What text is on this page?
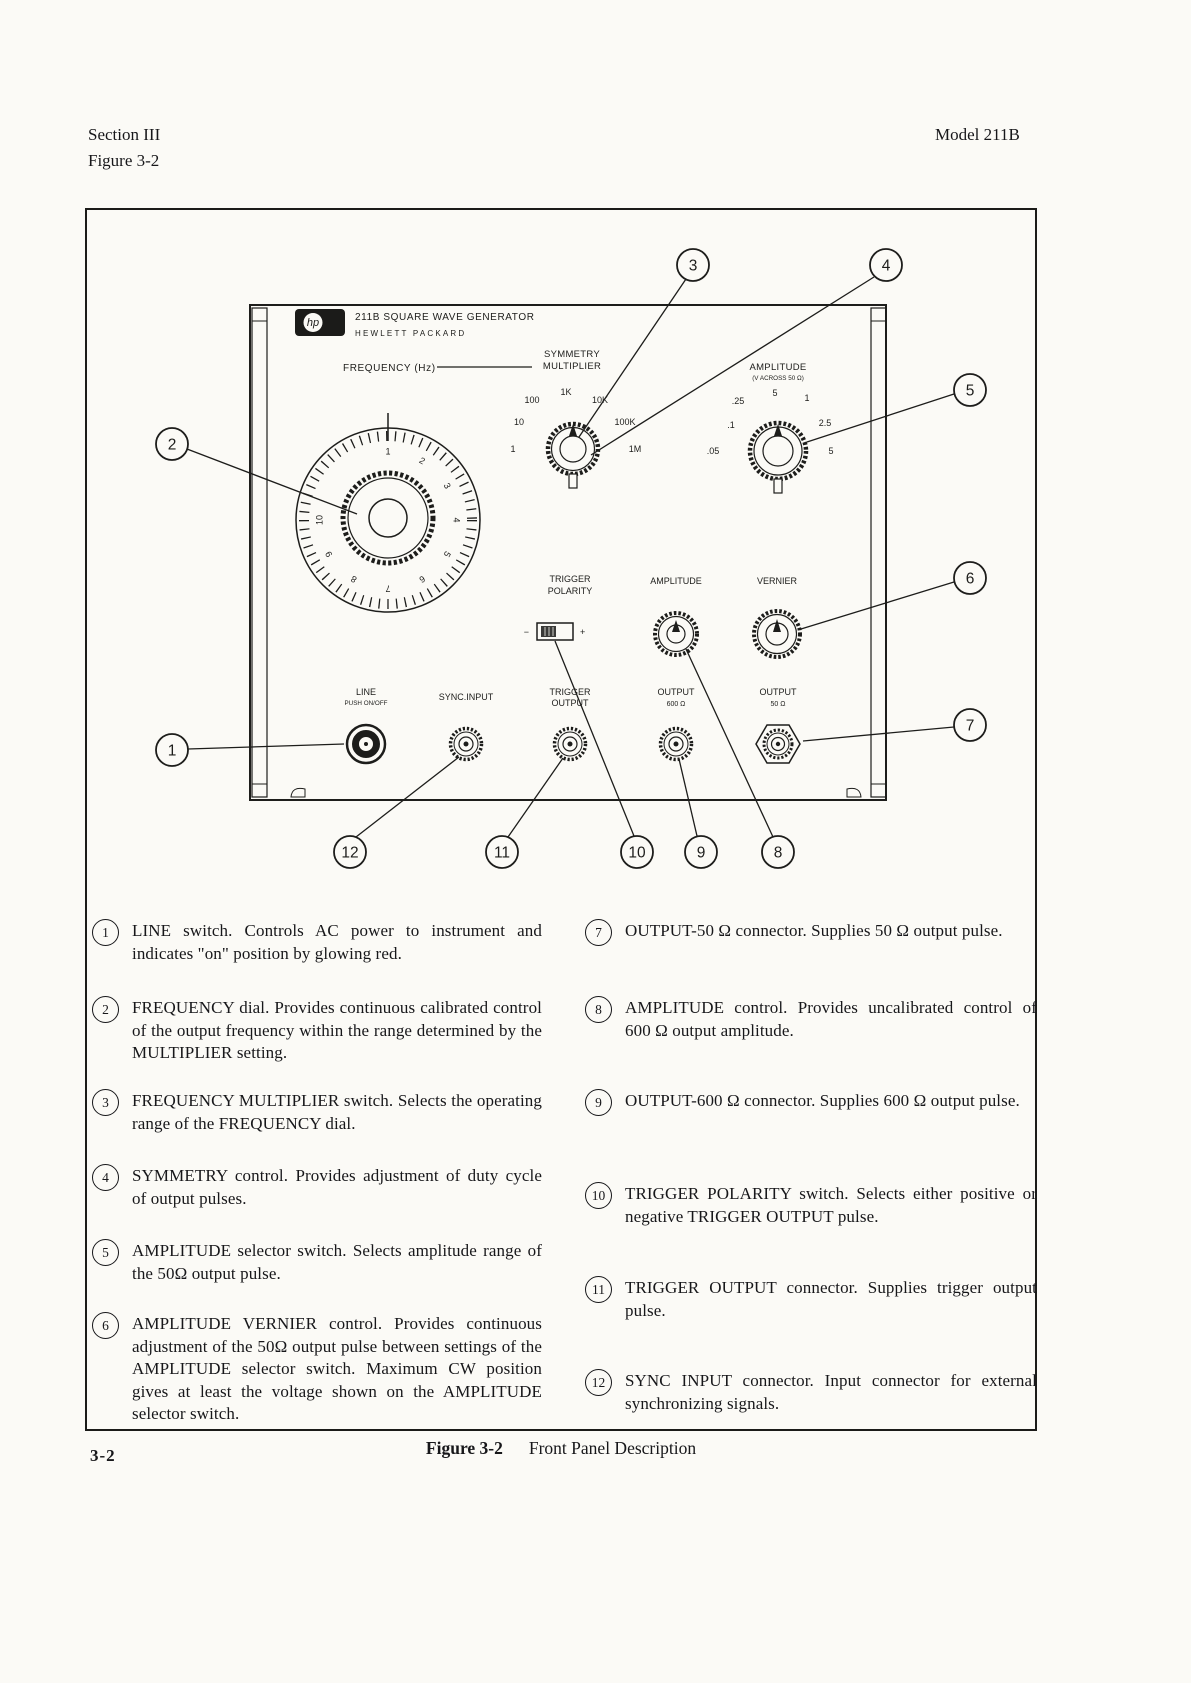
Section III
Figure 3-2
Model 211B
hp	211B SQUARE WAVE GENERATOR
HEWLETT PACKARD
FREQUENCY (Hz)
SYMMETRY
MULTIPLIER
1
10
100
1K
10K
100K
1M
AMPLITUDE
(V ACROSS 50 Ω)
.05
.1
.25
5	1
2.5
5
1
2
3
4
5
6
7
8
9
10
TRIGGER
POLARITY
−	+
AMPLITUDE	VERNIER
LINE
PUSH ON/OFF
SYNC.INPUT	TRIGGER
OUTPUT
OUTPUT
600 Ω
OUTPUT
50 Ω
1
2
3	4
5
6
7
8
9
10
11
12
1	LINE switch. Controls AC power to instrument and indicates "on" position by glowing red.
2	FREQUENCY dial. Provides continuous calibrated control of the output frequency within the range determined by the MULTIPLIER setting.
3	FREQUENCY MULTIPLIER switch. Selects the operating range of the FREQUENCY dial.
4	SYMMETRY control. Provides adjustment of duty cycle of output pulses.
5	AMPLITUDE selector switch. Selects amplitude range of the 50Ω output pulse.
6	AMPLITUDE VERNIER control. Provides continuous adjustment of the 50Ω output pulse between settings of the AMPLITUDE selector switch. Maximum CW position gives at least the voltage shown on the AMPLITUDE selector switch.
7	OUTPUT-50 Ω connector. Supplies 50 Ω output pulse.
8	AMPLITUDE control. Provides uncalibrated control of 600 Ω output amplitude.
9	OUTPUT-600 Ω connector. Supplies 600 Ω output pulse.
10	TRIGGER POLARITY switch. Selects either positive or negative TRIGGER OUTPUT pulse.
11	TRIGGER OUTPUT connector. Supplies trigger output pulse.
12	SYNC INPUT connector. Input connector for external synchronizing signals.
Figure 3-2 Front Panel Description
3-2
